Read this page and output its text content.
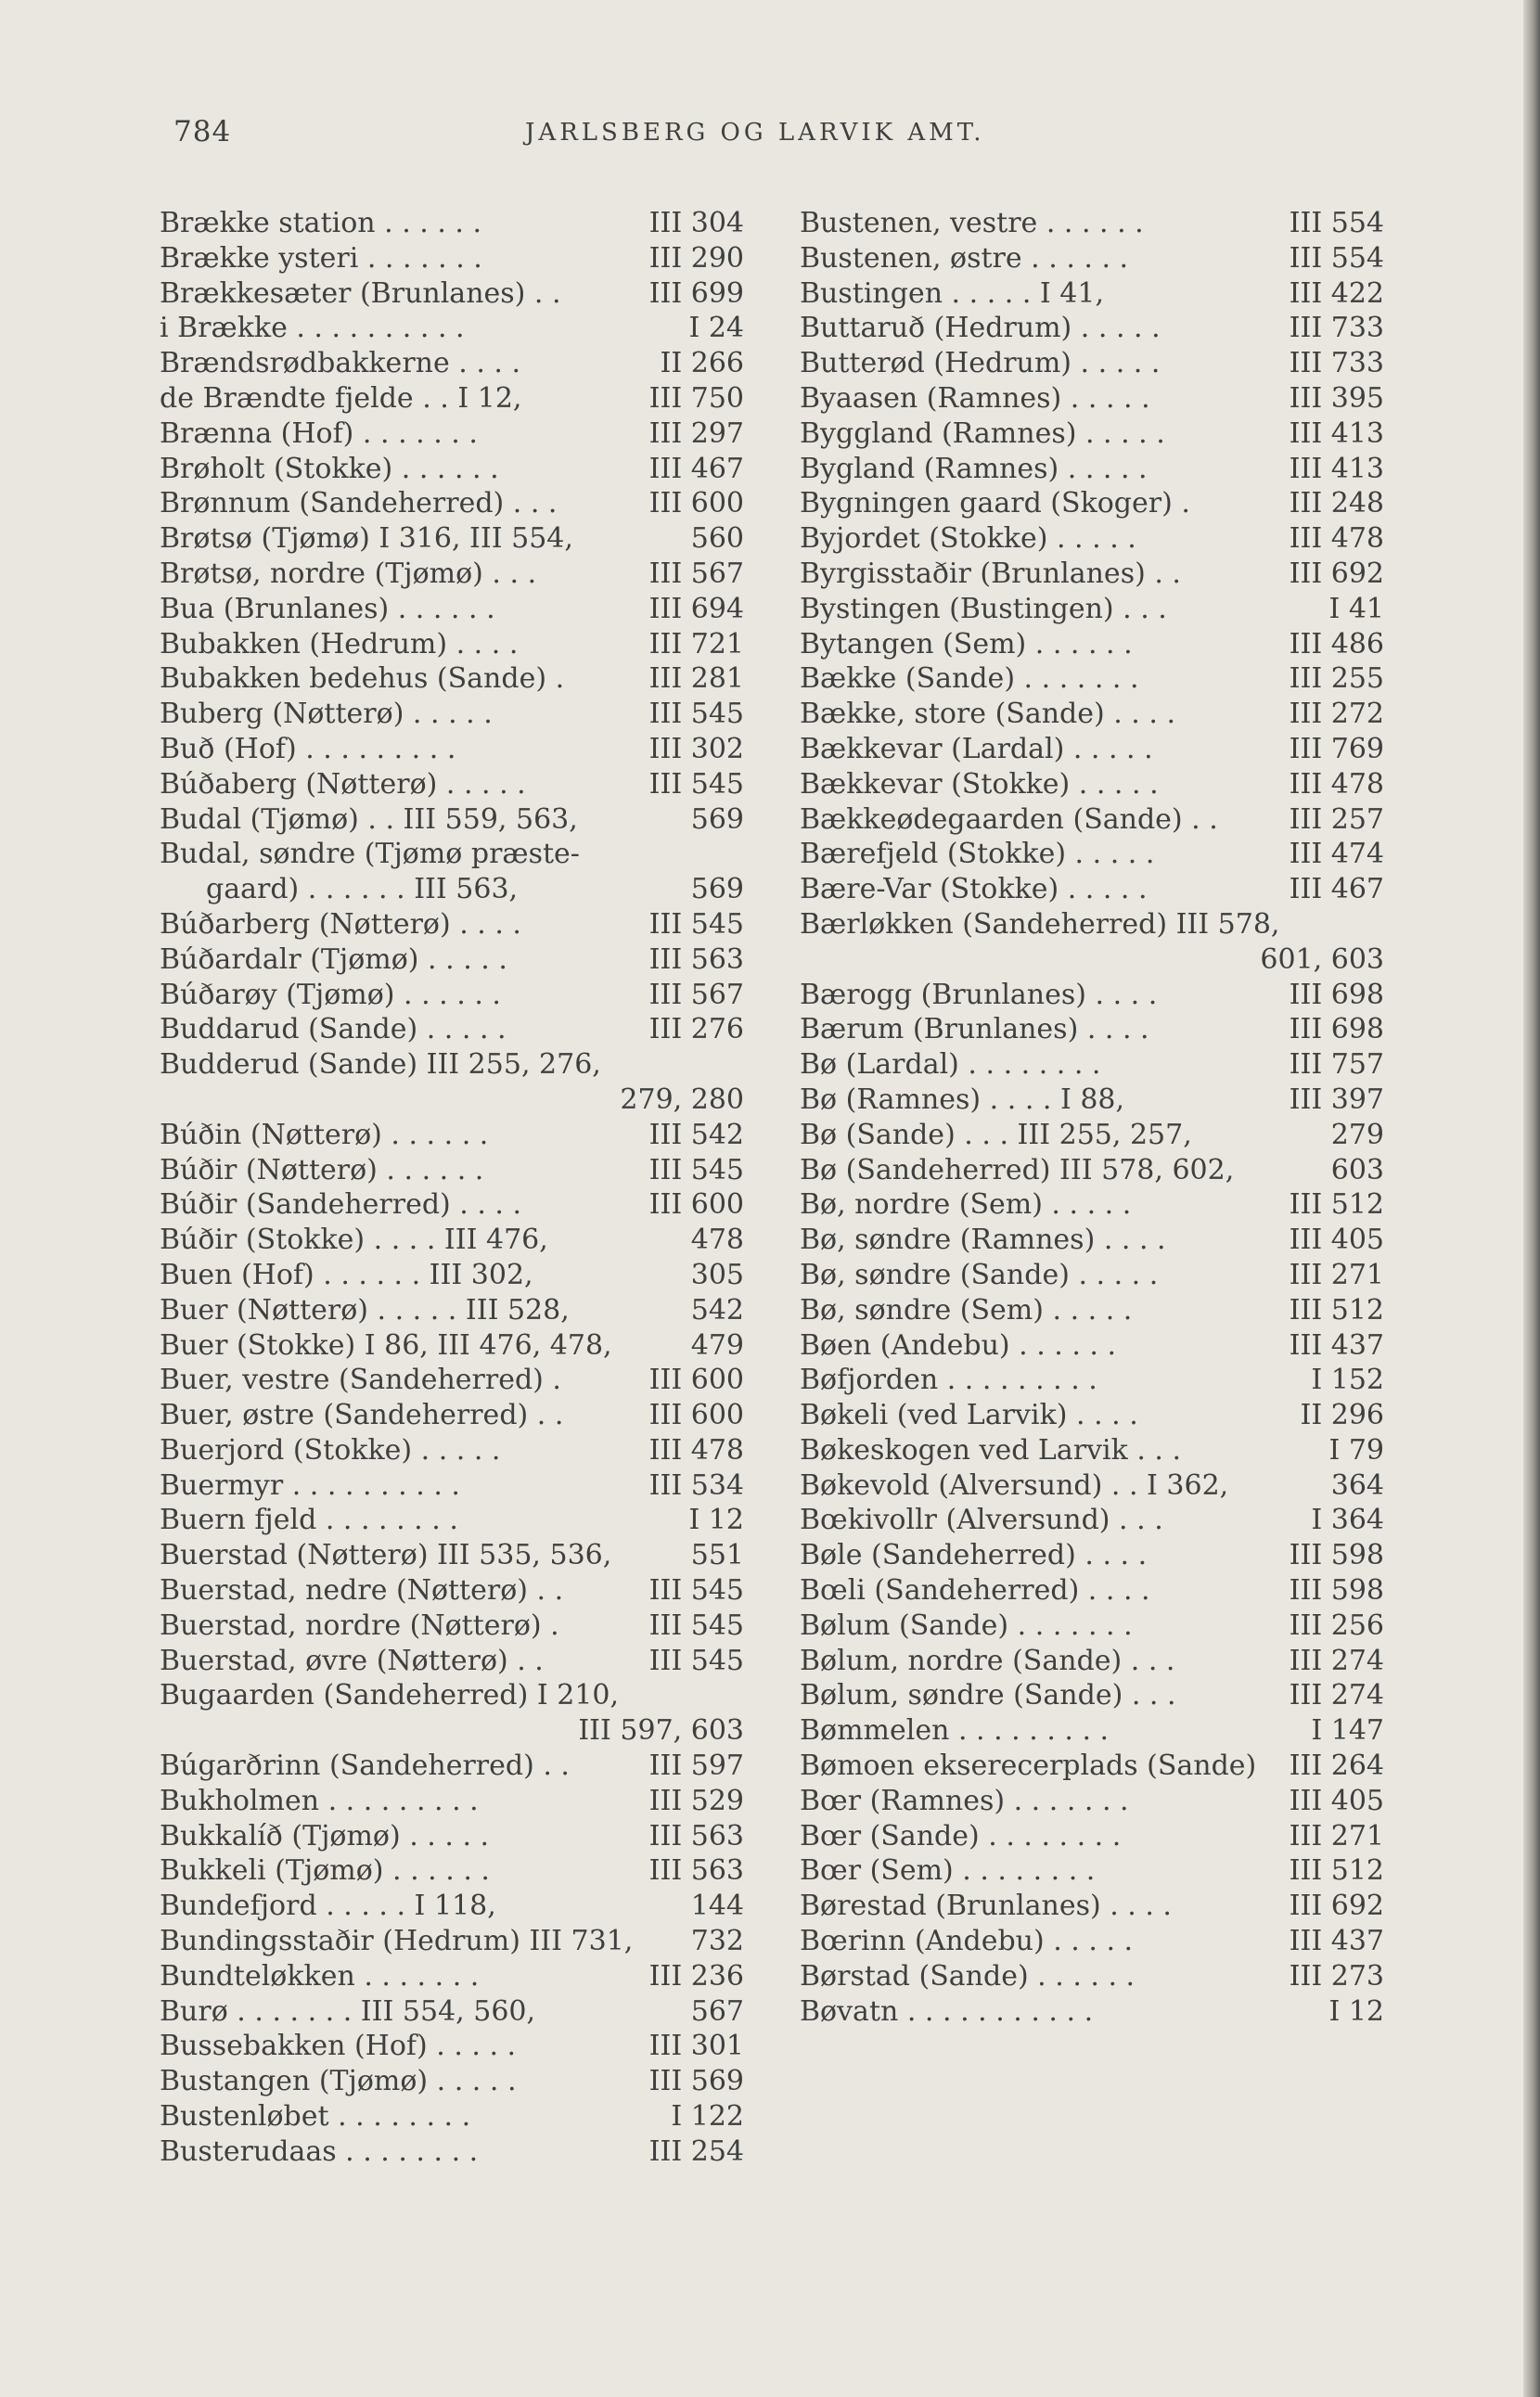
784	JARLSBERG OG LARVIK AMT.
Brække station . . . . . .	III 304
Brække ysteri . . . . . . .	III 290
Brækkesæter (Brunlanes) . .	III 699
i Brække . . . . . . . . . .	I 24
Brændsrødbakkerne . . . .	II 266
de Brændte fjelde . . I 12,	III 750
Brænna (Hof) . . . . . . .	III 297
Brøholt (Stokke) . . . . . .	III 467
Brønnum (Sandeherred) . . .	III 600
Brøtsø (Tjømø) I 316, III 554,	560
Brøtsø, nordre (Tjømø) . . .	III 567
Bua (Brunlanes) . . . . . .	III 694
Bubakken (Hedrum) . . . .	III 721
Bubakken bedehus (Sande) .	III 281
Buberg (Nøtterø) . . . . .	III 545
Buð (Hof) . . . . . . . . .	III 302
Búðaberg (Nøtterø) . . . . .	III 545
Budal (Tjømø) . . III 559, 563,	569
Budal, søndre (Tjømø præste-
gaard) . . . . . . III 563,	569
Búðarberg (Nøtterø) . . . .	III 545
Búðardalr (Tjømø) . . . . .	III 563
Búðarøy (Tjømø) . . . . . .	III 567
Buddarud (Sande) . . . . .	III 276
Budderud (Sande) III 255, 276,
279, 280
Búðin (Nøtterø) . . . . . .	III 542
Búðir (Nøtterø) . . . . . .	III 545
Búðir (Sandeherred) . . . .	III 600
Búðir (Stokke) . . . . III 476,	478
Buen (Hof) . . . . . . III 302,	305
Buer (Nøtterø) . . . . . III 528,	542
Buer (Stokke) I 86, III 476, 478,	479
Buer, vestre (Sandeherred) .	III 600
Buer, østre (Sandeherred) . .	III 600
Buerjord (Stokke) . . . . .	III 478
Buermyr . . . . . . . . . .	III 534
Buern fjeld . . . . . . . .	I 12
Buerstad (Nøtterø) III 535, 536,	551
Buerstad, nedre (Nøtterø) . .	III 545
Buerstad, nordre (Nøtterø) .	III 545
Buerstad, øvre (Nøtterø) . .	III 545
Bugaarden (Sandeherred) I 210,
III 597, 603
Búgarðrinn (Sandeherred) . .	III 597
Bukholmen . . . . . . . . .	III 529
Bukkalíð (Tjømø) . . . . .	III 563
Bukkeli (Tjømø) . . . . . .	III 563
Bundefjord . . . . . I 118,	144
Bundingsstaðir (Hedrum) III 731, 732
Bundteløkken . . . . . . .	III 236
Burø . . . . . . . III 554, 560,	567
Bussebakken (Hof) . . . . .	III 301
Bustangen (Tjømø) . . . . .	III 569
Bustenløbet . . . . . . . .	I 122
Busterudaas . . . . . . . .	III 254
Bustenen, vestre . . . . . .	III 554
Bustenen, østre . . . . . .	III 554
Bustingen . . . . . I 41,	III 422
Buttaruð (Hedrum) . . . . .	III 733
Butterød (Hedrum) . . . . .	III 733
Byaasen (Ramnes) . . . . .	III 395
Byggland (Ramnes) . . . . .	III 413
Bygland (Ramnes) . . . . .	III 413
Bygningen gaard (Skoger) .	III 248
Byjordet (Stokke) . . . . .	III 478
Byrgisstaðir (Brunlanes) . .	III 692
Bystingen (Bustingen) . . .	I 41
Bytangen (Sem) . . . . . .	III 486
Bække (Sande) . . . . . . .	III 255
Bække, store (Sande) . . . .	III 272
Bækkevar (Lardal) . . . . .	III 769
Bækkevar (Stokke) . . . . .	III 478
Bækkeødegaarden (Sande) . .	III 257
Bærefjeld (Stokke) . . . . .	III 474
Bære-Var (Stokke) . . . . .	III 467
Bærløkken (Sandeherred) III 578,
601, 603
Bærogg (Brunlanes) . . . .	III 698
Bærum (Brunlanes) . . . .	III 698
Bø (Lardal) . . . . . . . .	III 757
Bø (Ramnes) . . . . I 88,	III 397
Bø (Sande) . . . III 255, 257,	279
Bø (Sandeherred) III 578, 602,	603
Bø, nordre (Sem) . . . . .	III 512
Bø, søndre (Ramnes) . . . .	III 405
Bø, søndre (Sande) . . . . .	III 271
Bø, søndre (Sem) . . . . .	III 512
Bøen (Andebu) . . . . . .	III 437
Bøfjorden . . . . . . . . .	I 152
Bøkeli (ved Larvik) . . . .	II 296
Bøkeskogen ved Larvik . . .	I 79
Bøkevold (Alversund) . . I 362,	364
Bœkivollr (Alversund) . . .	I 364
Bøle (Sandeherred) . . . .	III 598
Bœli (Sandeherred) . . . .	III 598
Bølum (Sande) . . . . . . .	III 256
Bølum, nordre (Sande) . . .	III 274
Bølum, søndre (Sande) . . .	III 274
Bømmelen . . . . . . . . .	I 147
Bømoen ekserecerplads (Sande) III 264
Bœr (Ramnes) . . . . . . .	III 405
Bœr (Sande) . . . . . . . .	III 271
Bœr (Sem) . . . . . . . .	III 512
Børestad (Brunlanes) . . . .	III 692
Bœrinn (Andebu) . . . . .	III 437
Børstad (Sande) . . . . . .	III 273
Bøvatn . . . . . . . . . . .	I 12
